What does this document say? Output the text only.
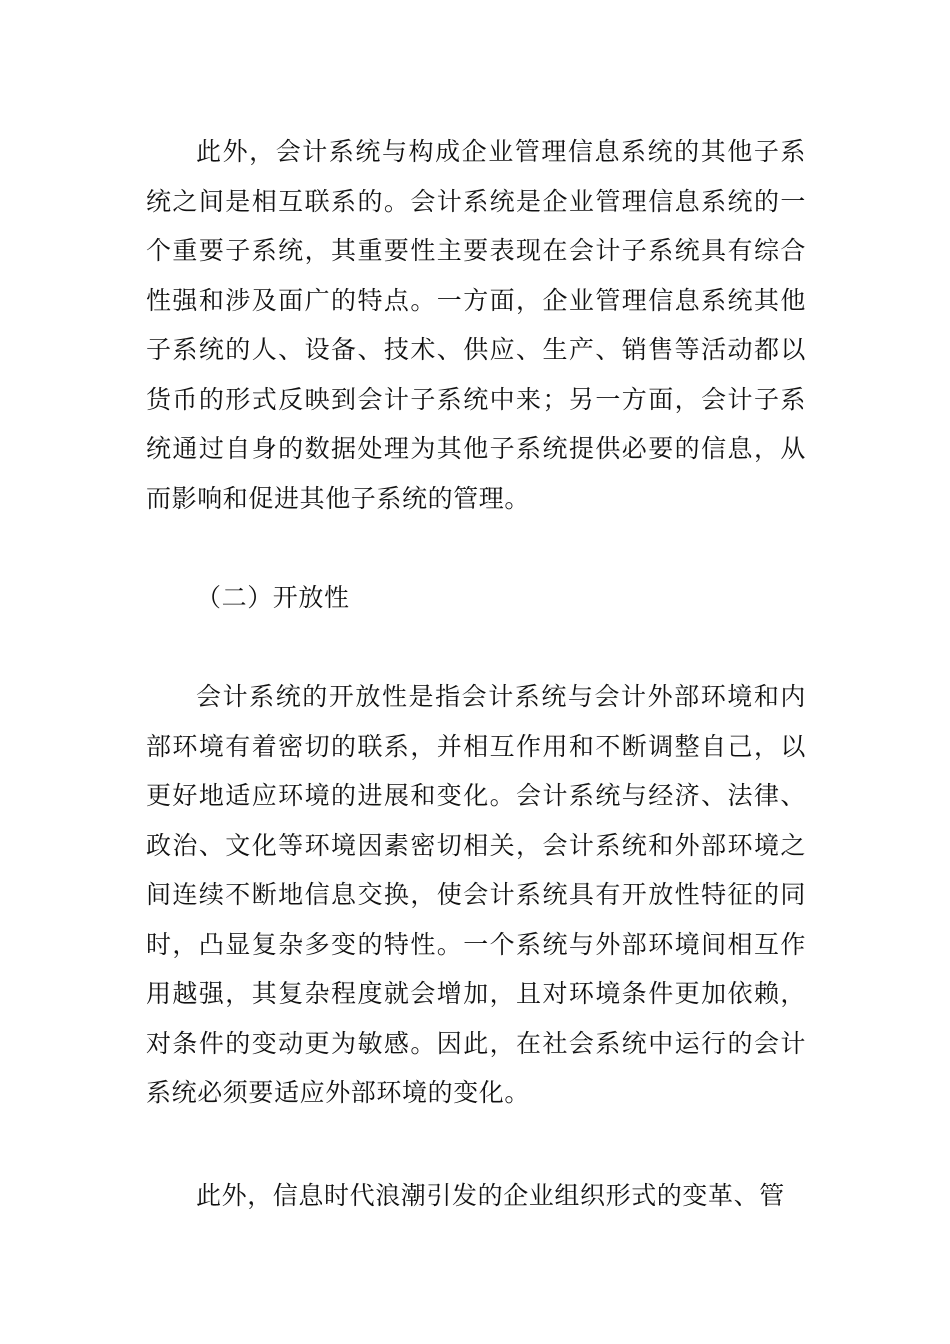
此外，会计系统与构成企业管理信息系统的其他子系统之间是相互联系的。会计系统是企业管理信息系统的一个重要子系统，其重要性主要表现在会计子系统具有综合性强和涉及面广的特点。一方面，企业管理信息系统其他子系统的人、设备、技术、供应、生产、销售等活动都以货币的形式反映到会计子系统中来；另一方面，会计子系统通过自身的数据处理为其他子系统提供必要的信息，从而影响和促进其他子系统的管理。

（二）开放性

会计系统的开放性是指会计系统与会计外部环境和内部环境有着密切的联系，并相互作用和不断调整自己，以更好地适应环境的进展和变化。会计系统与经济、法律、政治、文化等环境因素密切相关，会计系统和外部环境之间连续不断地信息交换，使会计系统具有开放性特征的同时，凸显复杂多变的特性。一个系统与外部环境间相互作用越强，其复杂程度就会增加，且对环境条件更加依赖，对条件的变动更为敏感。因此，在社会系统中运行的会计系统必须要适应外部环境的变化。

此外，信息时代浪潮引发的企业组织形式的变革、管
